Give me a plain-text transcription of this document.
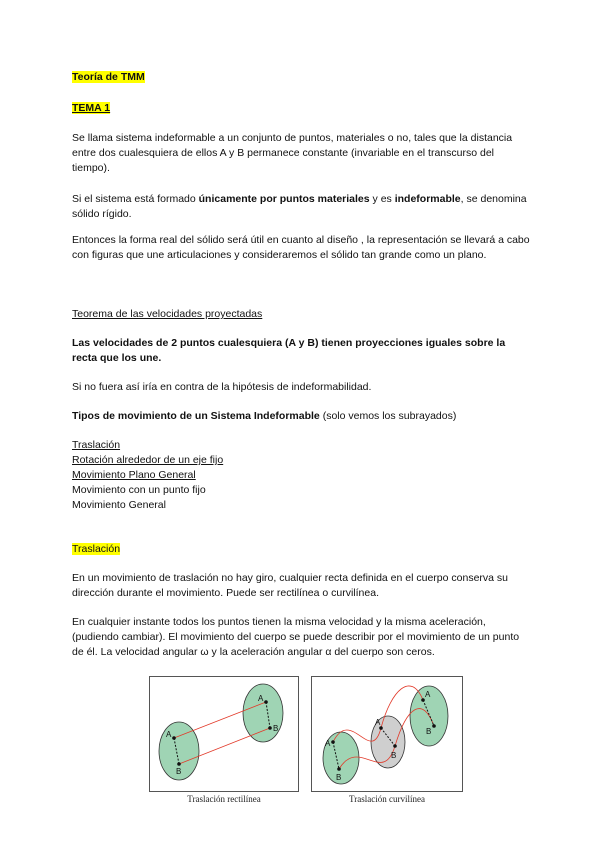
Teoría de TMM

TEMA 1

Se llama sistema indeformable a un conjunto de puntos, materiales o no, tales que la distancia entre dos cualesquiera de ellos A y B permanece constante (invariable en el transcurso del tiempo).

Si el sistema está formado únicamente por puntos materiales y es indeformable, se denomina sólido rígido.

Entonces la forma real del sólido será útil en cuanto al diseño , la representación se llevará a cabo con figuras que une articulaciones y consideraremos el sólido tan grande como un plano.

Teorema de las velocidades proyectadas

Las velocidades de 2 puntos cualesquiera (A y B) tienen proyecciones iguales sobre la recta que los une.

Si no fuera así iría en contra de la hipótesis de indeformabilidad.

Tipos de movimiento de un Sistema Indeformable (solo vemos los subrayados)

Traslación
Rotación alrededor de un eje fijo
Movimiento Plano General
Movimiento con un punto fijo
Movimiento General

Traslación

En un movimiento de traslación no hay giro, cualquier recta definida en el cuerpo conserva su dirección durante el movimiento. Puede ser rectilínea o curvilínea.

En cualquier instante todos los puntos tienen la misma velocidad y la misma aceleración, (pudiendo cambiar). El movimiento del cuerpo se puede describir por el movimiento de un punto de él. La velocidad angular ω y la aceleración angular α del cuerpo son ceros.

A
B
A
B
Traslación rectilínea
A
B
A
B
A
B
Traslación curvilínea
